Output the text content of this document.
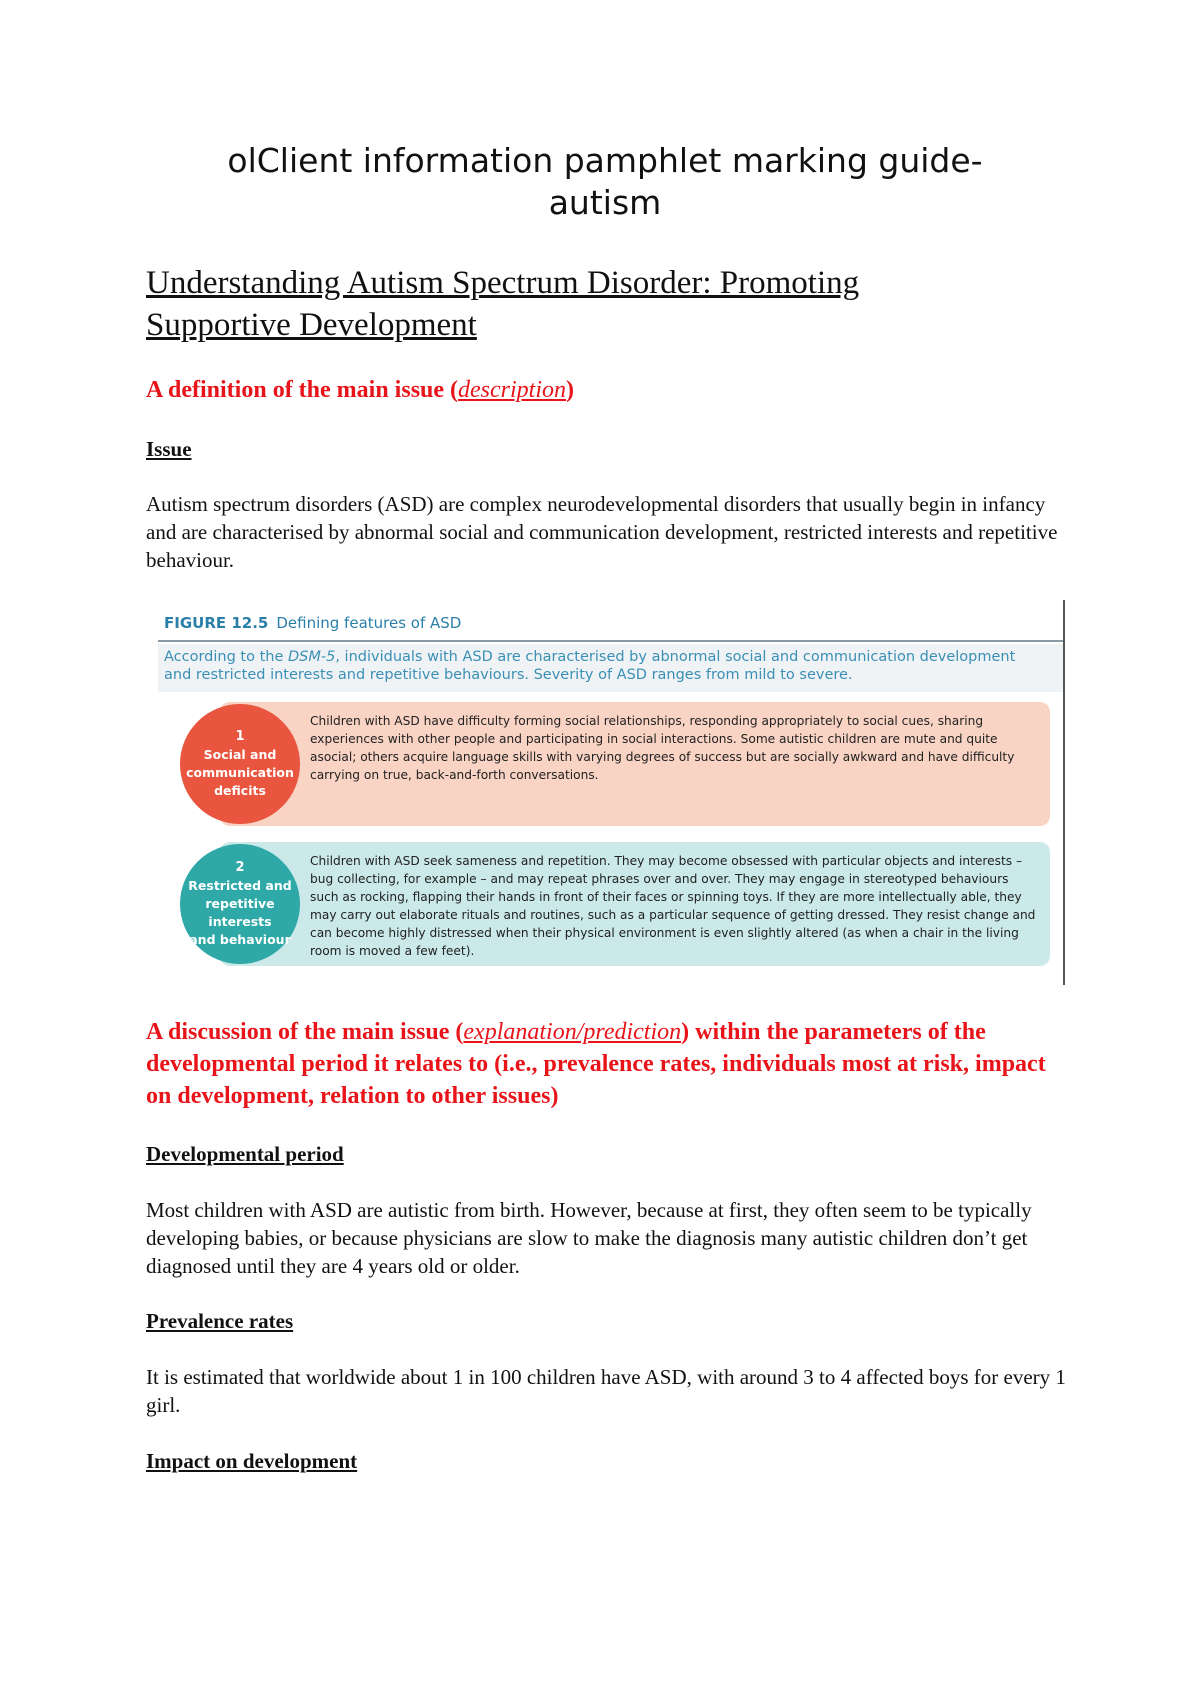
olClient information pamphlet marking guide-
autism
Understanding Autism Spectrum Disorder: Promoting
Supportive Development
A definition of the main issue (description)
Issue

Autism spectrum disorders (ASD) are complex neurodevelopmental disorders that usually begin in infancy and are characterised by abnormal social and communication development, restricted interests and repetitive behaviour.

FIGURE 12.5 Defining features of ASD
According to the DSM-5, individuals with ASD are characterised by abnormal social and communication development
and restricted interests and repetitive behaviours. Severity of ASD ranges from mild to severe.
Children with ASD have difficulty forming social relationships, responding appropriately to social cues, sharing experiences with other people and participating in social interactions. Some autistic children are mute and quite asocial; others acquire language skills with varying degrees of success but are socially awkward and have difficulty carrying on true, back-and-forth conversations.
1
Social and
communication
deficits
Children with ASD seek sameness and repetition. They may become obsessed with particular objects and interests – bug collecting, for example – and may repeat phrases over and over. They may engage in stereotyped behaviours such as rocking, flapping their hands in front of their faces or spinning toys. If they are more intellectually able, they may carry out elaborate rituals and routines, such as a particular sequence of getting dressed. They resist change and can become highly distressed when their physical environment is even slightly altered (as when a chair in the living room is moved a few feet).
2
Restricted and
repetitive interests
and behaviour
A discussion of the main issue (explanation/prediction) within the parameters of the developmental period it relates to (i.e., prevalence rates, individuals most at risk, impact on development, relation to other issues)
Developmental period

Most children with ASD are autistic from birth. However, because at first, they often seem to be typically developing babies, or because physicians are slow to make the diagnosis many autistic children don’t get diagnosed until they are 4 years old or older.

Prevalence rates

It is estimated that worldwide about 1 in 100 children have ASD, with around 3 to 4 affected boys for every 1 girl.

Impact on development
